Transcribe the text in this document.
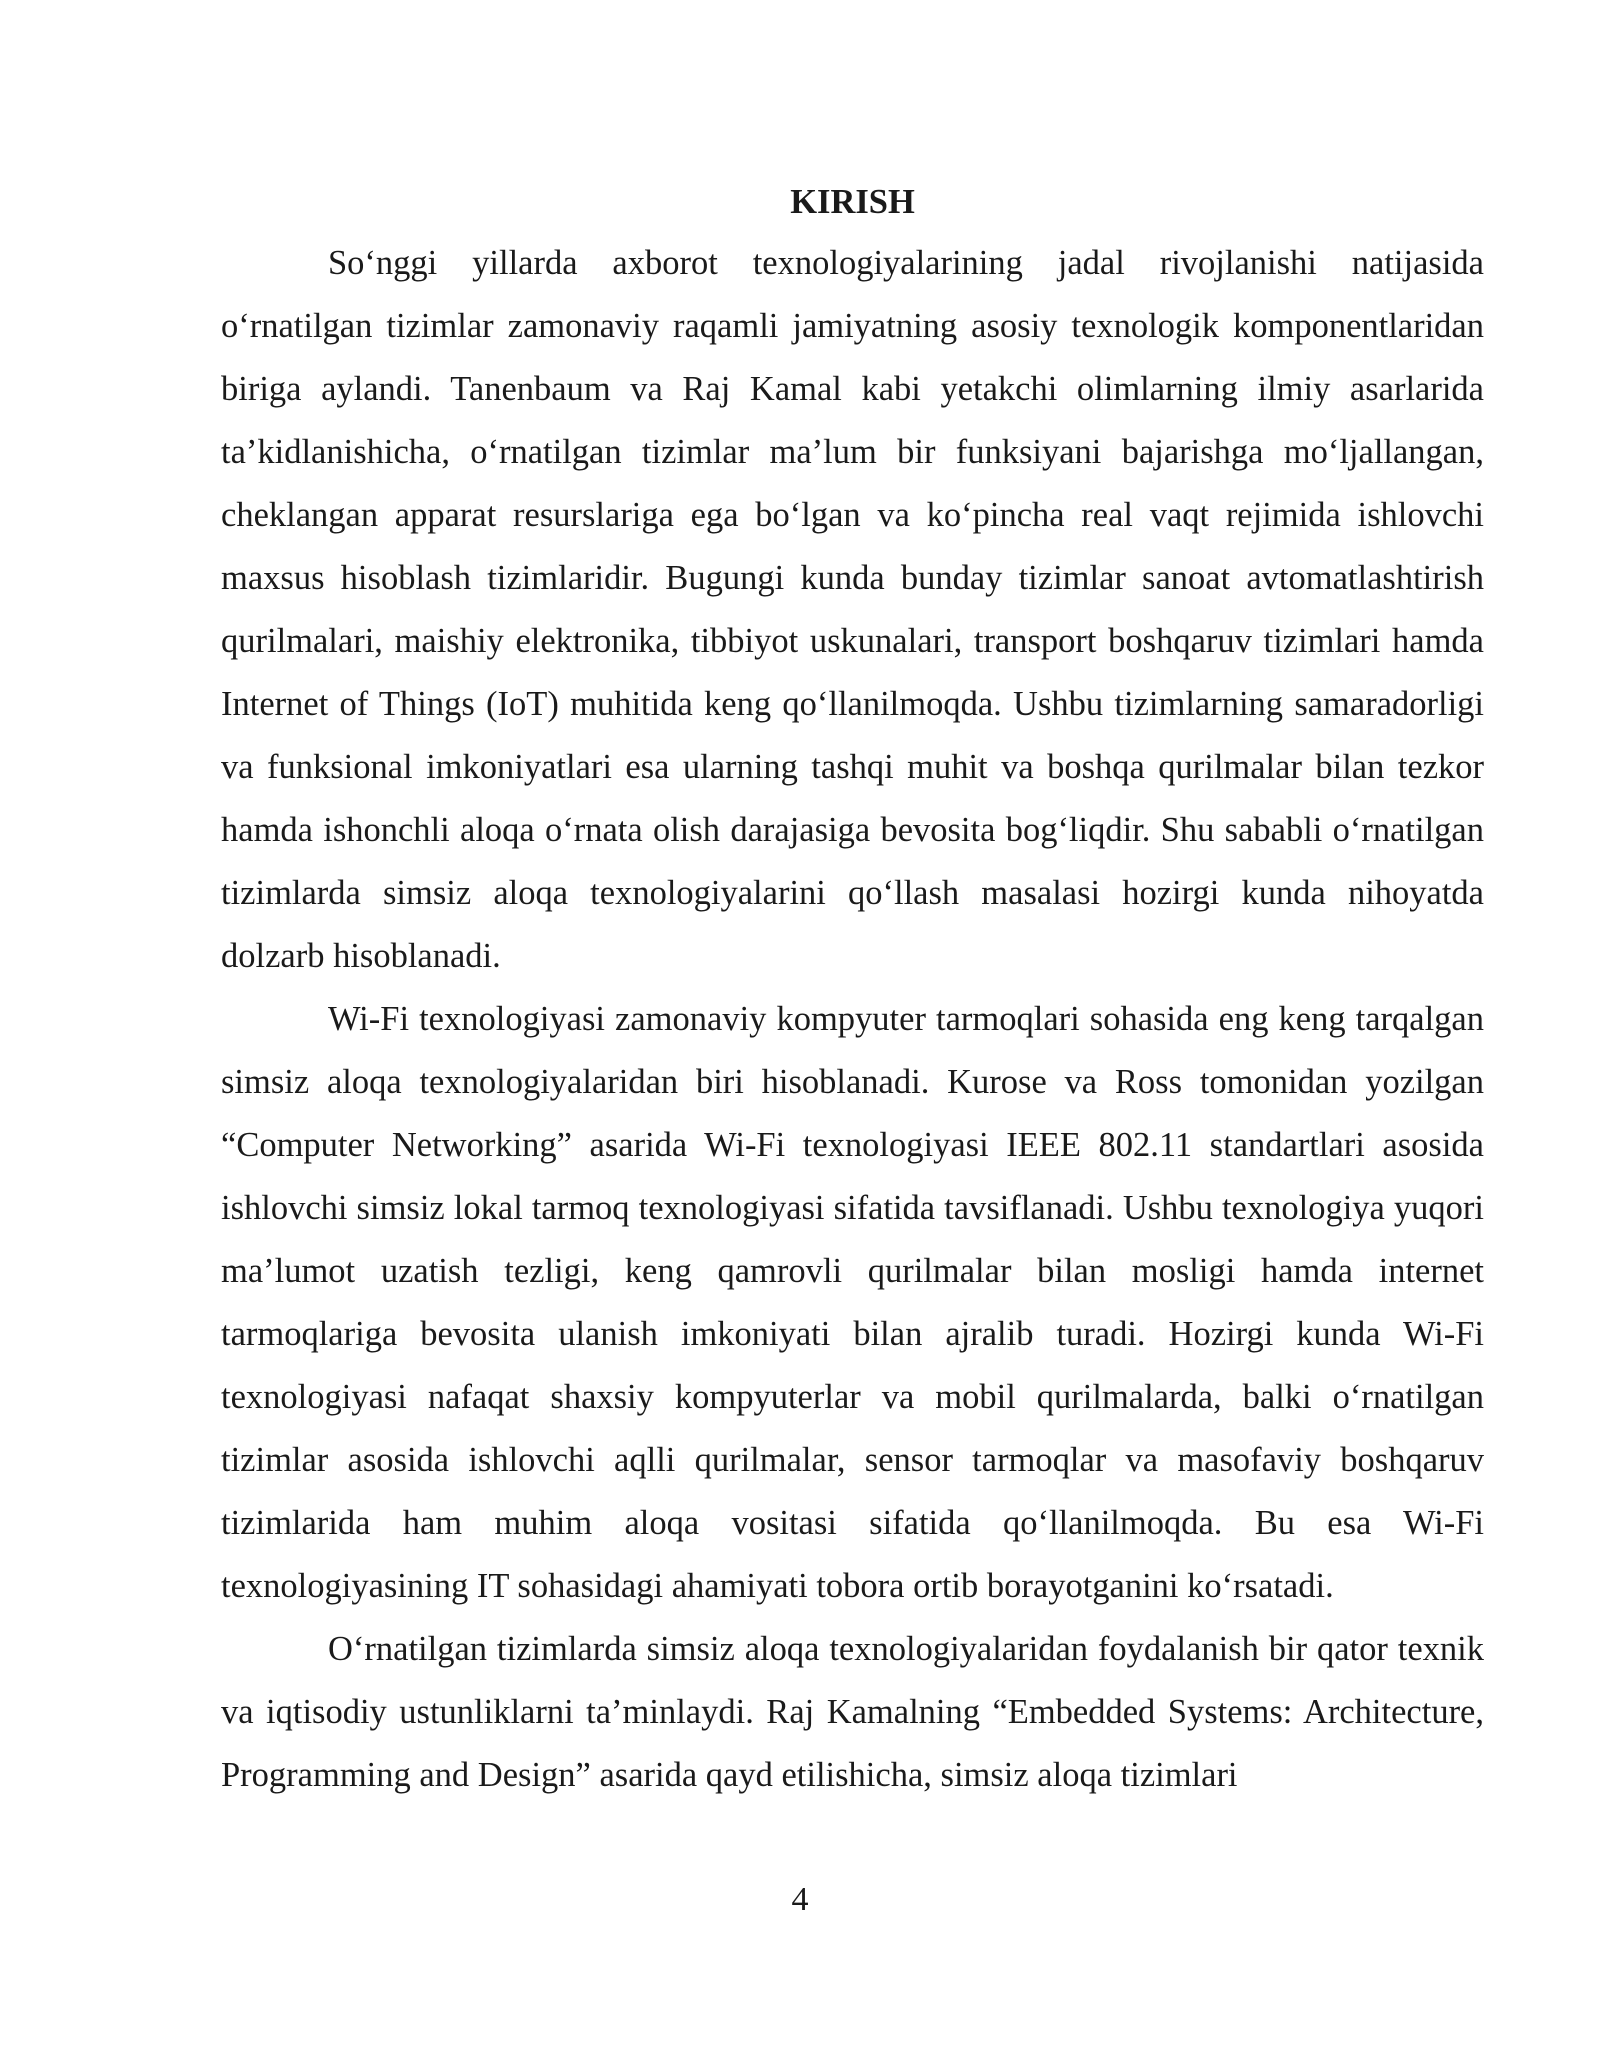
KIRISH

So‘nggi yillarda axborot texnologiyalarining jadal rivojlanishi natijasida o‘rnatilgan tizimlar zamonaviy raqamli jamiyatning asosiy texnologik komponentlaridan biriga aylandi. Tanenbaum va Raj Kamal kabi yetakchi olimlarning ilmiy asarlarida ta’kidlanishicha, o‘rnatilgan tizimlar ma’lum bir funksiyani bajarishga mo‘ljallangan, cheklangan apparat resurslariga ega bo‘lgan va ko‘pincha real vaqt rejimida ishlovchi maxsus hisoblash tizimlaridir. Bugungi kunda bunday tizimlar sanoat avtomatlashtirish qurilmalari, maishiy elektronika, tibbiyot uskunalari, transport boshqaruv tizimlari hamda Internet of Things (IoT) muhitida keng qo‘llanilmoqda. Ushbu tizimlarning samaradorligi va funksional imkoniyatlari esa ularning tashqi muhit va boshqa qurilmalar bilan tezkor hamda ishonchli aloqa o‘rnata olish darajasiga bevosita bog‘liqdir. Shu sababli o‘rnatilgan tizimlarda simsiz aloqa texnologiyalarini qo‘llash masalasi hozirgi kunda nihoyatda dolzarb hisoblanadi.

Wi-Fi texnologiyasi zamonaviy kompyuter tarmoqlari sohasida eng keng tarqalgan simsiz aloqa texnologiyalaridan biri hisoblanadi. Kurose va Ross tomonidan yozilgan “Computer Networking” asarida Wi-Fi texnologiyasi IEEE 802.11 standartlari asosida ishlovchi simsiz lokal tarmoq texnologiyasi sifatida tavsiflanadi. Ushbu texnologiya yuqori ma’lumot uzatish tezligi, keng qamrovli qurilmalar bilan mosligi hamda internet tarmoqlariga bevosita ulanish imkoniyati bilan ajralib turadi. Hozirgi kunda Wi-Fi texnologiyasi nafaqat shaxsiy kompyuterlar va mobil qurilmalarda, balki o‘rnatilgan tizimlar asosida ishlovchi aqlli qurilmalar, sensor tarmoqlar va masofaviy boshqaruv tizimlarida ham muhim aloqa vositasi sifatida qo‘llanilmoqda. Bu esa Wi-Fi texnologiyasining IT sohasidagi ahamiyati tobora ortib borayotganini ko‘rsatadi.

O‘rnatilgan tizimlarda simsiz aloqa texnologiyalaridan foydalanish bir qator texnik va iqtisodiy ustunliklarni ta’minlaydi. Raj Kamalning “Embedded Systems: Architecture, Programming and Design” asarida qayd etilishicha, simsiz aloqa tizimlari

4
